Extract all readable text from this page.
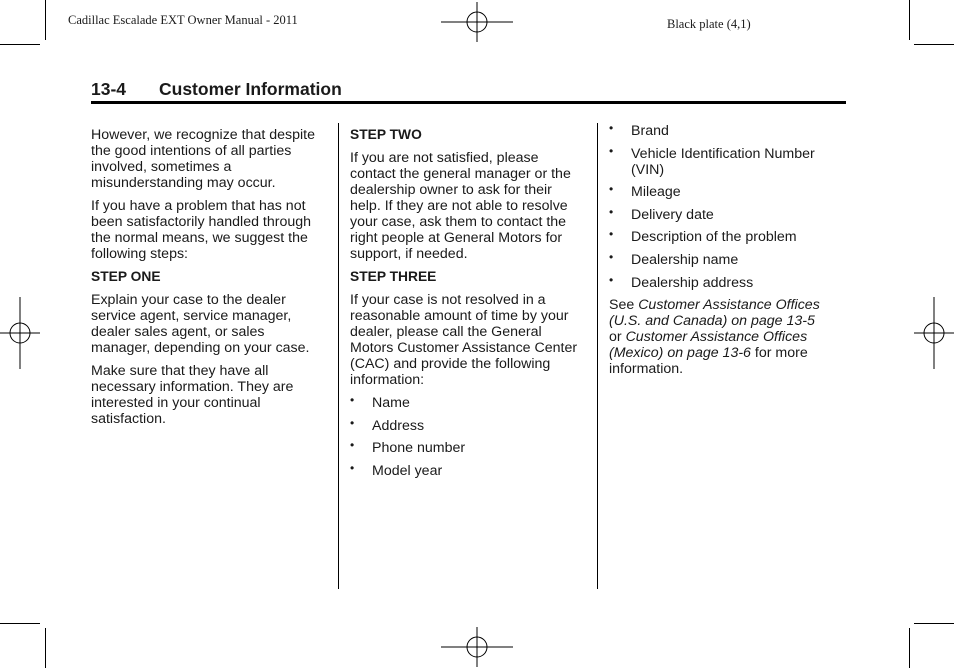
Cadillac Escalade EXT Owner Manual - 2011	Black plate (4,1)
13-4 Customer Information

However, we recognize that despite the good intentions of all parties involved, sometimes a misunderstanding may occur.

If you have a problem that has not been satisfactorily handled through the normal means, we suggest the following steps:

STEP ONE

Explain your case to the dealer service agent, service manager, dealer sales agent, or sales manager, depending on your case.

Make sure that they have all necessary information. They are interested in your continual satisfaction.

STEP TWO

If you are not satisfied, please contact the general manager or the dealership owner to ask for their help. If they are not able to resolve your case, ask them to contact the right people at General Motors for support, if needed.

STEP THREE

If your case is not resolved in a reasonable amount of time by your dealer, please call the General Motors Customer Assistance Center (CAC) and provide the following information:

• Name
• Address
• Phone number
• Model year
• Brand
• Vehicle Identification Number (VIN)
• Mileage
• Delivery date
• Description of the problem
• Dealership name
• Dealership address

See Customer Assistance Offices (U.S. and Canada) on page 13-5 or Customer Assistance Offices (Mexico) on page 13-6 for more information.
